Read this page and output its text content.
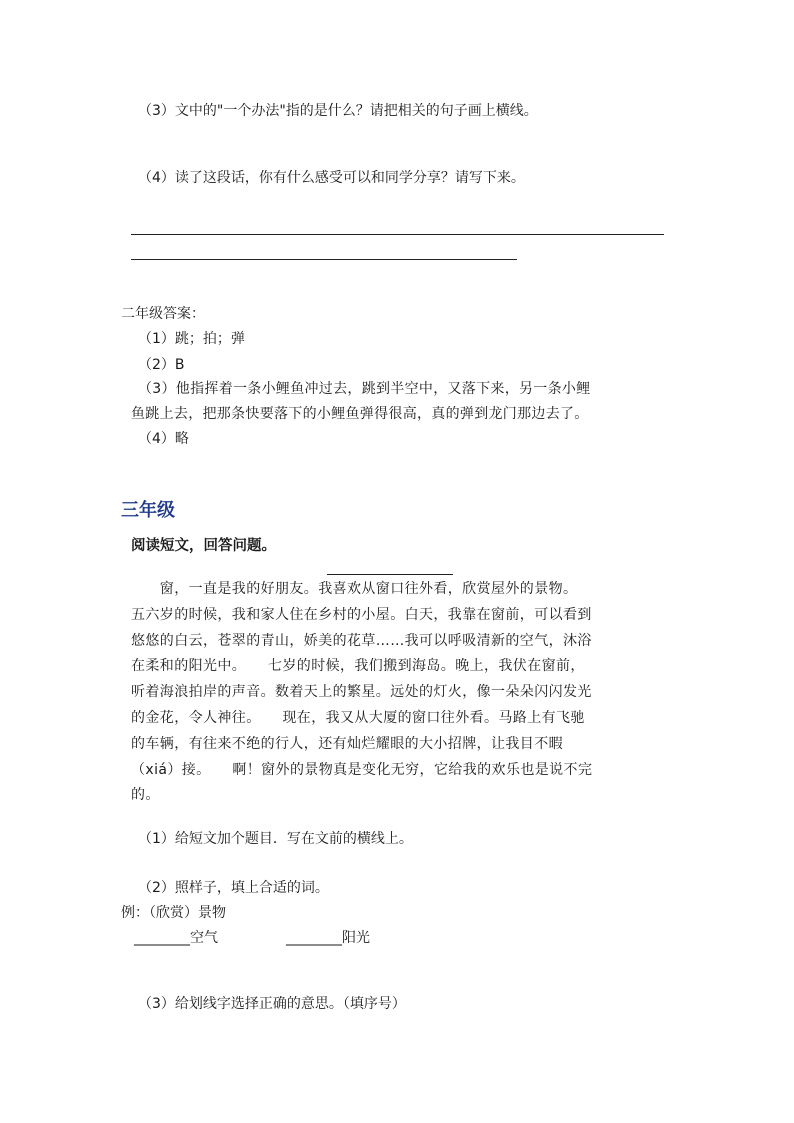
（3）文中的"一个办法"指的是什么？请把相关的句子画上横线。
（4）读了这段话，你有什么感受可以和同学分享？请写下来。
二年级答案：
（1）跳；拍；弹
（2）B
（3）他指挥着一条小鲤鱼冲过去，跳到半空中，又落下来，另一条小鲤
鱼跳上去，把那条快要落下的小鲤鱼弹得很高，真的弹到龙门那边去了。
（4）略
三年级
阅读短文，回答问题。

　　窗，一直是我的好朋友。我喜欢从窗口往外看，欣赏屋外的景物。

五六岁的时候，我和家人住在乡村的小屋。白天，我靠在窗前，可以看到

悠悠的白云，苍翠的青山，娇美的花草……我可以呼吸清新的空气，沐浴

在柔和的阳光中。　　七岁的时候，我们搬到海岛。晚上，我伏在窗前，

听着海浪拍岸的声音。数着天上的繁星。远处的灯火，像一朵朵闪闪发光

的金花，令人神往。　　现在，我又从大厦的窗口往外看。马路上有飞驰

的车辆，有往来不绝的行人，还有灿烂耀眼的大小招牌，让我目不暇

（xiá）接。　　啊！窗外的景物真是变化无穷，它给我的欢乐也是说不完

的。

（1）给短文加个题目．写在文前的横线上。
（2）照样子，填上合适的词。
例：（欣赏）景物
________空气	________阳光
（3）给划线字选择正确的意思。（填序号）
